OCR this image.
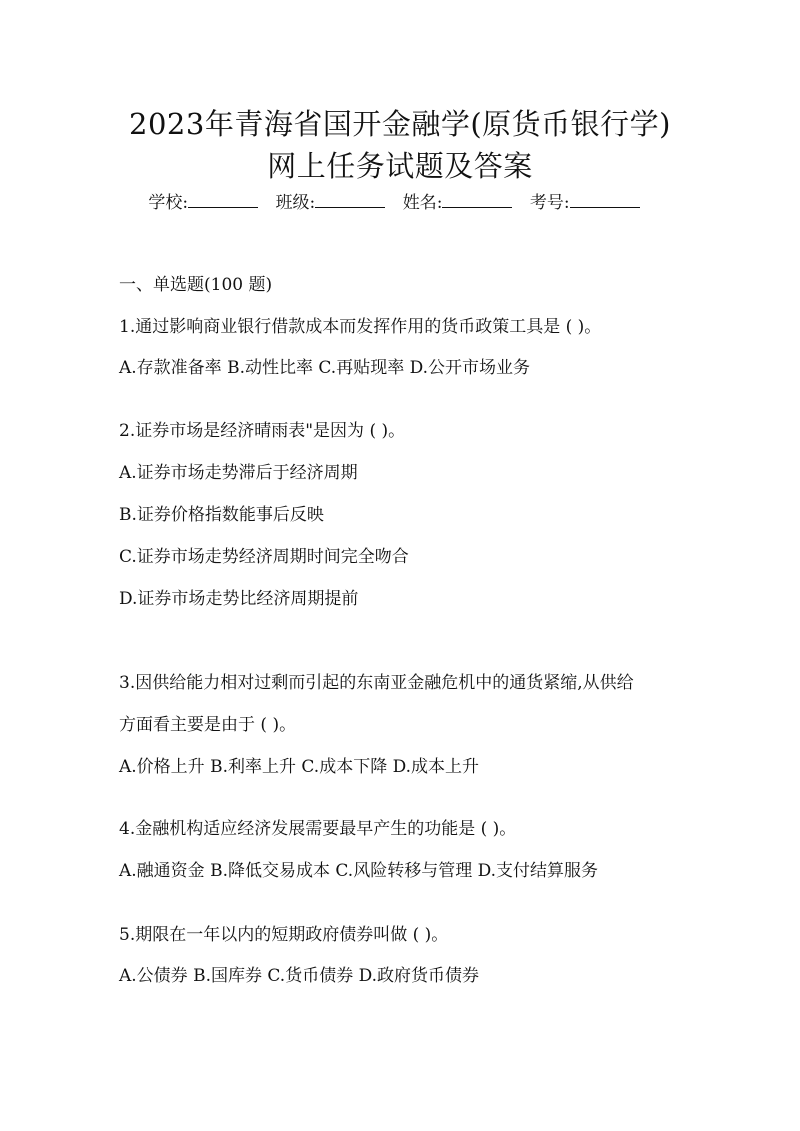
2023年青海省国开金融学(原货币银行学)
网上任务试题及答案
学校:	班级:	姓名:	考号:
一、单选题(100 题)
1.通过影响商业银行借款成本而发挥作用的货币政策工具是 ( )。
A.存款准备率 B.动性比率 C.再贴现率 D.公开市场业务
2.证券市场是经济晴雨表"是因为 ( )。
A.证券市场走势滞后于经济周期
B.证券价格指数能事后反映
C.证券市场走势经济周期时间完全吻合
D.证券市场走势比经济周期提前
3.因供给能力相对过剩而引起的东南亚金融危机中的通货紧缩,从供给
方面看主要是由于 ( )。
A.价格上升 B.利率上升 C.成本下降 D.成本上升
4.金融机构适应经济发展需要最早产生的功能是 ( )。
A.融通资金 B.降低交易成本 C.风险转移与管理 D.支付结算服务
5.期限在一年以内的短期政府债券叫做 ( )。
A.公债券 B.国库券 C.货币债券 D.政府货币债券
